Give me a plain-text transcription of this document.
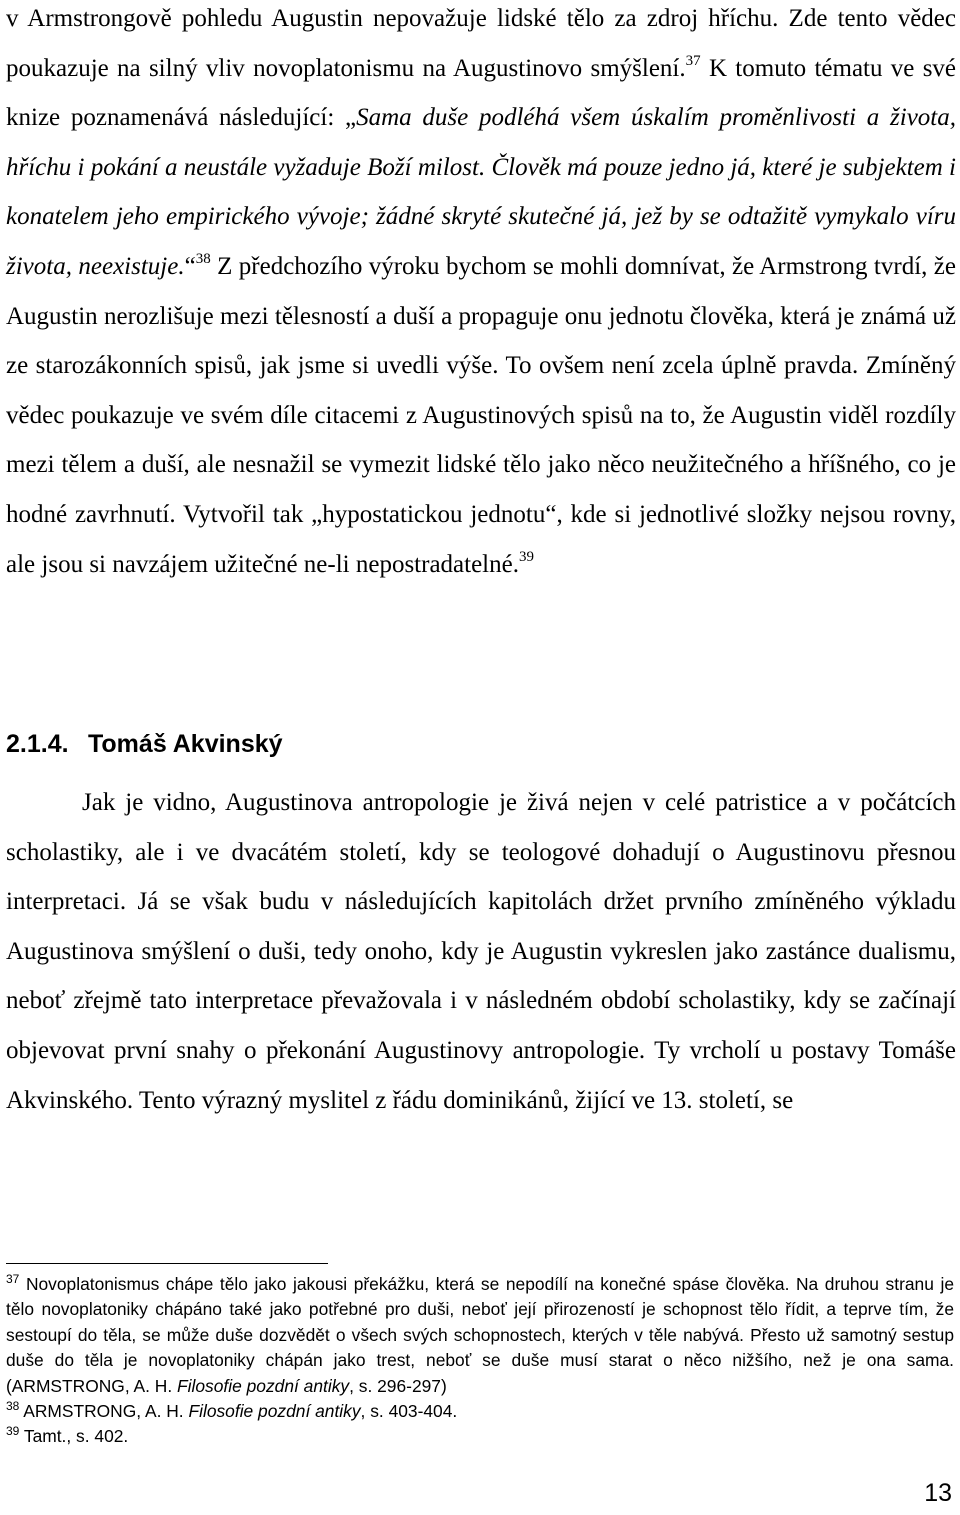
v Armstrongově pohledu Augustin nepovažuje lidské tělo za zdroj hříchu. Zde tento vědec poukazuje na silný vliv novoplatonismu na Augustinovo smýšlení.$^{37}$ K tomuto tématu ve své knize poznamenává následující: „Sama duše podléhá všem úskalím proměnlivosti a života, hříchu i pokání a neustále vyžaduje Boží milost. Člověk má pouze jedno já, které je subjektem i konatelem jeho empirického vývoje; žádné skryté skutečné já, jež by se odtažitě vymykalo víru života, neexistuje.“$^{38}$ Z předchozího výroku bychom se mohli domnívat, že Armstrong tvrdí, že Augustin nerozlišuje mezi tělesností a duší a propaguje onu jednotu člověka, která je známá už ze starozákonních spisů, jak jsme si uvedli výše. To ovšem není zcela úplně pravda. Zmíněný vědec poukazuje ve svém díle citacemi z Augustinových spisů na to, že Augustin viděl rozdíly mezi tělem a duší, ale nesnažil se vymezit lidské tělo jako něco neužitečného a hříšného, co je hodné zavrhnutí. Vytvořil tak „hypostatickou jednotu“, kde si jednotlivé složky nejsou rovny, ale jsou si navzájem užitečné ne-li nepostradatelné.$^{39}$

2.1.4. Tomáš Akvinský

Jak je vidno, Augustinova antropologie je živá nejen v celé patristice a v počátcích scholastiky, ale i ve dvacátém století, kdy se teologové dohadují o Augustinovu přesnou interpretaci. Já se však budu v následujících kapitolách držet prvního zmíněného výkladu Augustinova smýšlení o duši, tedy onoho, kdy je Augustin vykreslen jako zastánce dualismu, neboť zřejmě tato interpretace převažovala i v následném období scholastiky, kdy se začínají objevovat první snahy o překonání Augustinovy antropologie. Ty vrcholí u postavy Tomáše Akvinského. Tento výrazný myslitel z řádu dominikánů, žijící ve 13. století, se

$^{37}$ Novoplatonismus chápe tělo jako jakousi překážku, která se nepodílí na konečné spáse člověka. Na druhou stranu je tělo novoplatoniky chápáno také jako potřebné pro duši, neboť její přirozeností je schopnost tělo řídit, a teprve tím, že sestoupí do těla, se může duše dozvědět o všech svých schopnostech, kterých v těle nabývá. Přesto už samotný sestup duše do těla je novoplatoniky chápán jako trest, neboť se duše musí starat o něco nižšího, než je ona sama.(ARMSTRONG, A. H. Filosofie pozdní antiky, s. 296-297)

$^{38}$ ARMSTRONG, A. H. Filosofie pozdní antiky, s. 403-404.

$^{39}$ Tamt., s. 402.

13
